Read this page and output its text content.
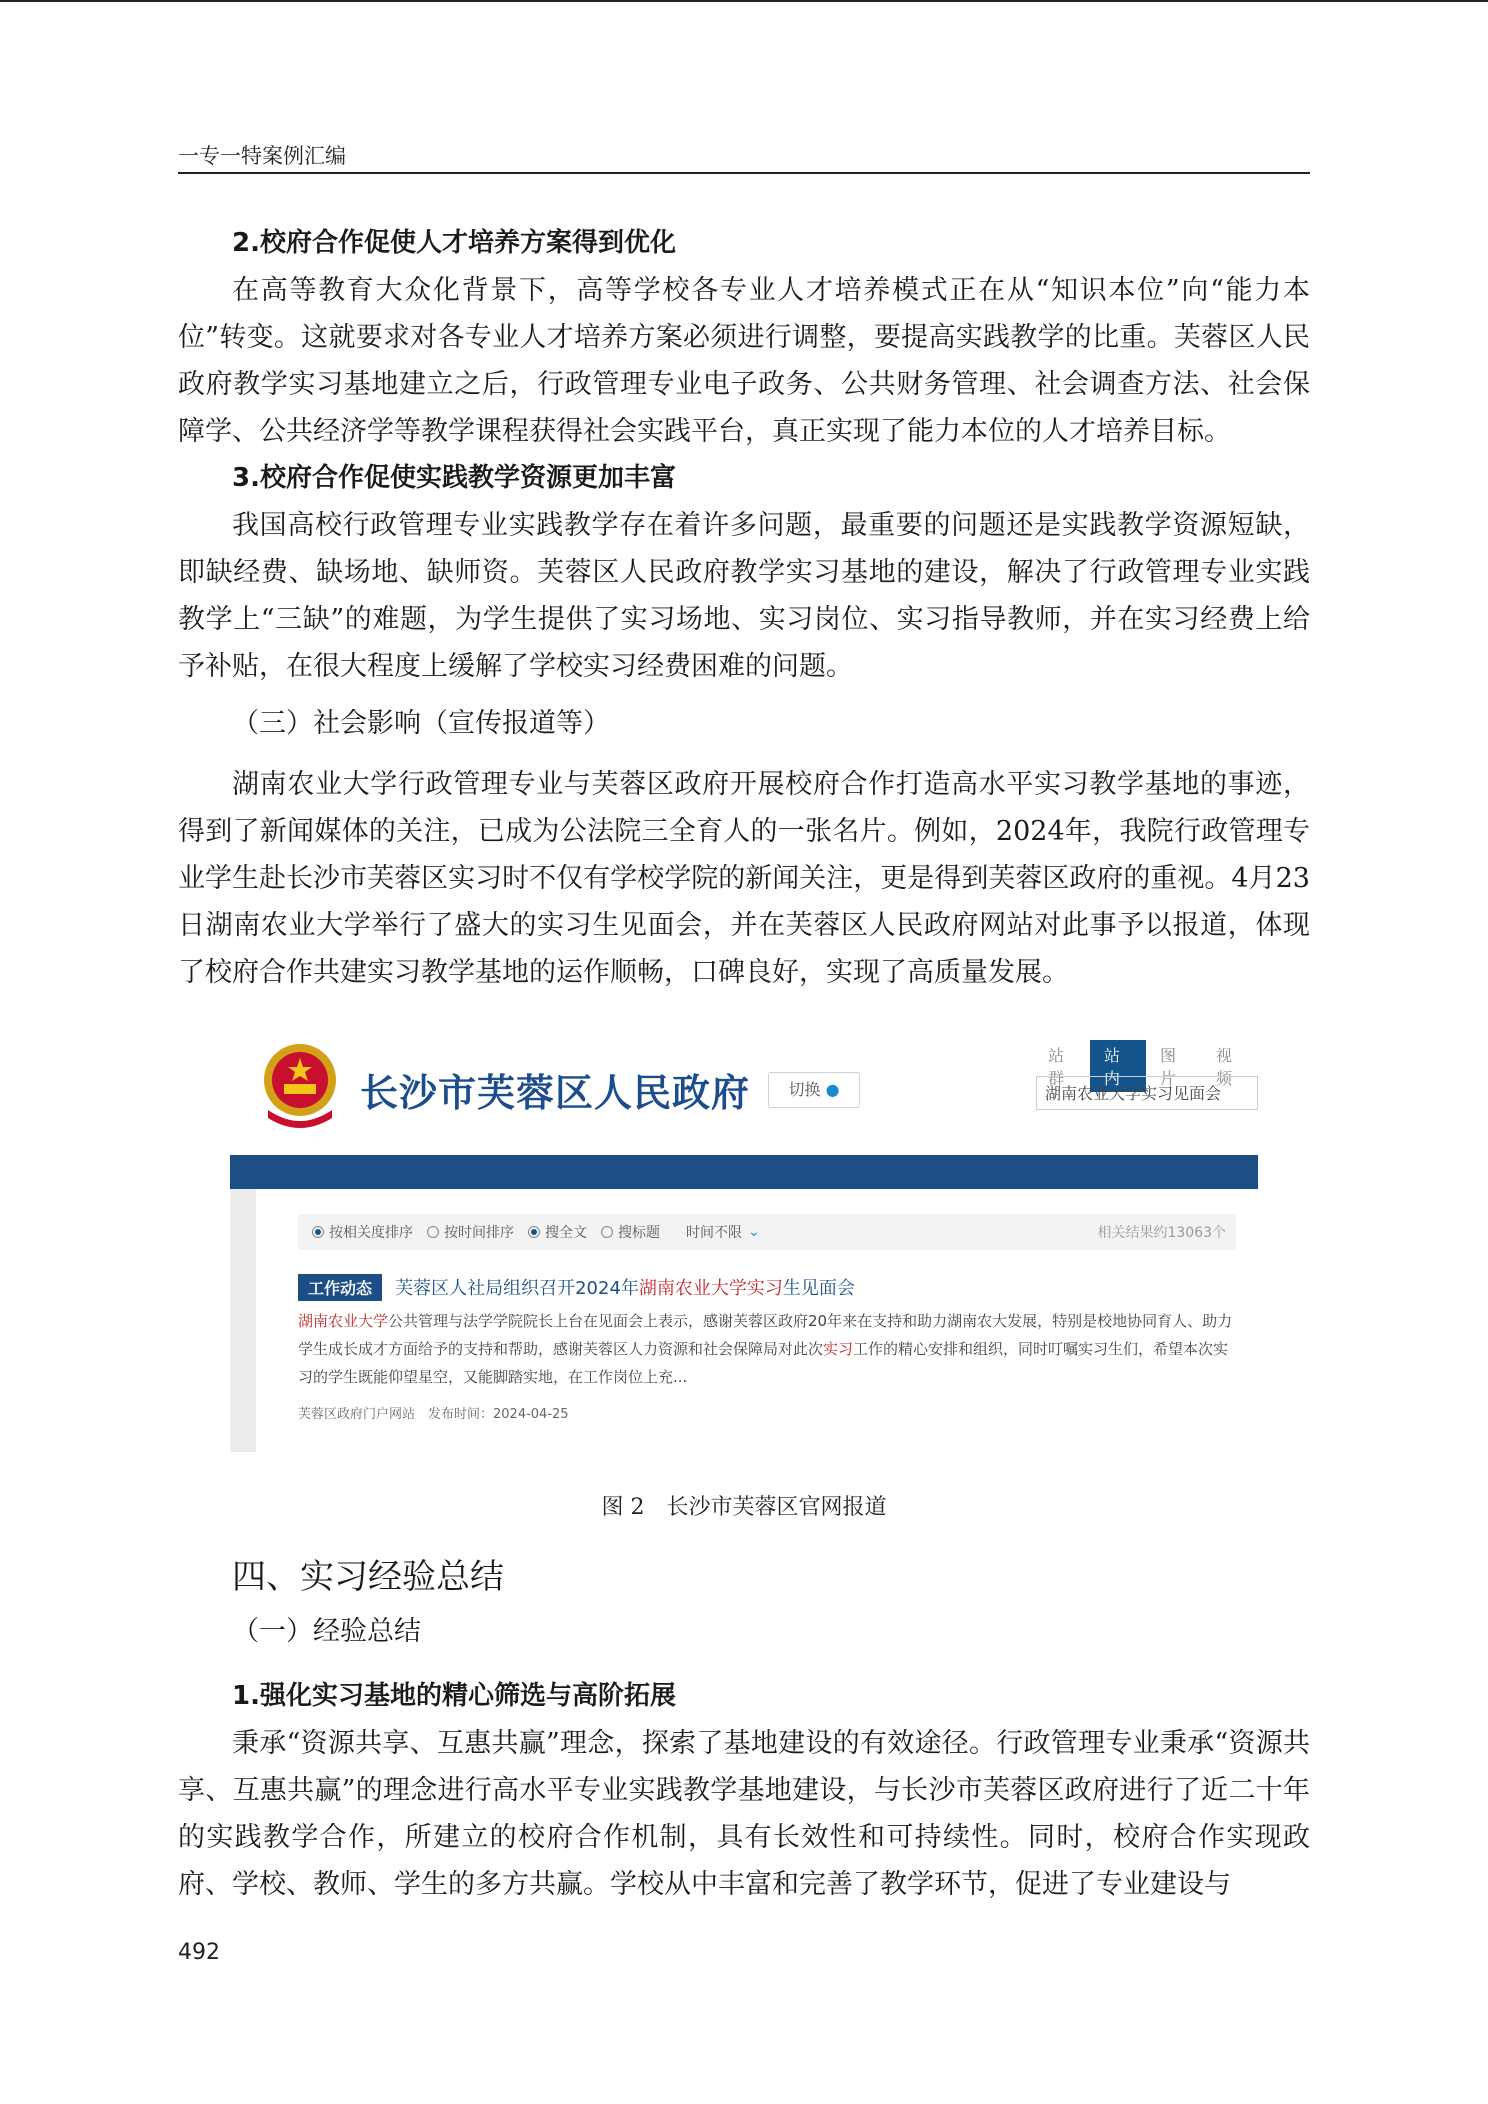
一专一特案例汇编

2.校府合作促使人才培养方案得到优化

在高等教育大众化背景下，高等学校各专业人才培养模式正在从“知识本位”向“能力本位”转变。这就要求对各专业人才培养方案必须进行调整，要提高实践教学的比重。芙蓉区人民政府教学实习基地建立之后，行政管理专业电子政务、公共财务管理、社会调查方法、社会保障学、公共经济学等教学课程获得社会实践平台，真正实现了能力本位的人才培养目标。

3.校府合作促使实践教学资源更加丰富

我国高校行政管理专业实践教学存在着许多问题，最重要的问题还是实践教学资源短缺，即缺经费、缺场地、缺师资。芙蓉区人民政府教学实习基地的建设，解决了行政管理专业实践教学上“三缺”的难题，为学生提供了实习场地、实习岗位、实习指导教师，并在实习经费上给予补贴，在很大程度上缓解了学校实习经费困难的问题。

（三）社会影响（宣传报道等）

湖南农业大学行政管理专业与芙蓉区政府开展校府合作打造高水平实习教学基地的事迹，得到了新闻媒体的关注，已成为公法院三全育人的一张名片。例如，2024年，我院行政管理专业学生赴长沙市芙蓉区实习时不仅有学校学院的新闻关注，更是得到芙蓉区政府的重视。4月23日湖南农业大学举行了盛大的实习生见面会，并在芙蓉区人民政府网站对此事予以报道，体现了校府合作共建实习教学基地的运作顺畅，口碑良好，实现了高质量发展。

长沙市芙蓉区人民政府	切换 ●
站群
站内
图片
视频
湖南农业大学实习见面会
按相关度排序 按时间排序 搜全文 搜标题 时间不限 ⌄	相关结果约13063个
工作动态 芙蓉区人社局组织召开2024年湖南农业大学实习生见面会
湖南农业大学公共管理与法学学院院长上台在见面会上表示，感谢芙蓉区政府20年来在支持和助力湖南农大发展，特别是校地协同育人、助力学生成长成才方面给予的支持和帮助，感谢芙蓉区人力资源和社会保障局对此次实习工作的精心安排和组织，同时叮嘱实习生们，希望本次实习的学生既能仰望星空，又能脚踏实地，在工作岗位上充...
芙蓉区政府门户网站　发布时间：2024-04-25
图 2　长沙市芙蓉区官网报道

四、实习经验总结

（一）经验总结

1.强化实习基地的精心筛选与高阶拓展

秉承“资源共享、互惠共赢”理念，探索了基地建设的有效途径。行政管理专业秉承“资源共享、互惠共赢”的理念进行高水平专业实践教学基地建设，与长沙市芙蓉区政府进行了近二十年的实践教学合作，所建立的校府合作机制，具有长效性和可持续性。同时，校府合作实现政府、学校、教师、学生的多方共赢。学校从中丰富和完善了教学环节，促进了专业建设与

492
